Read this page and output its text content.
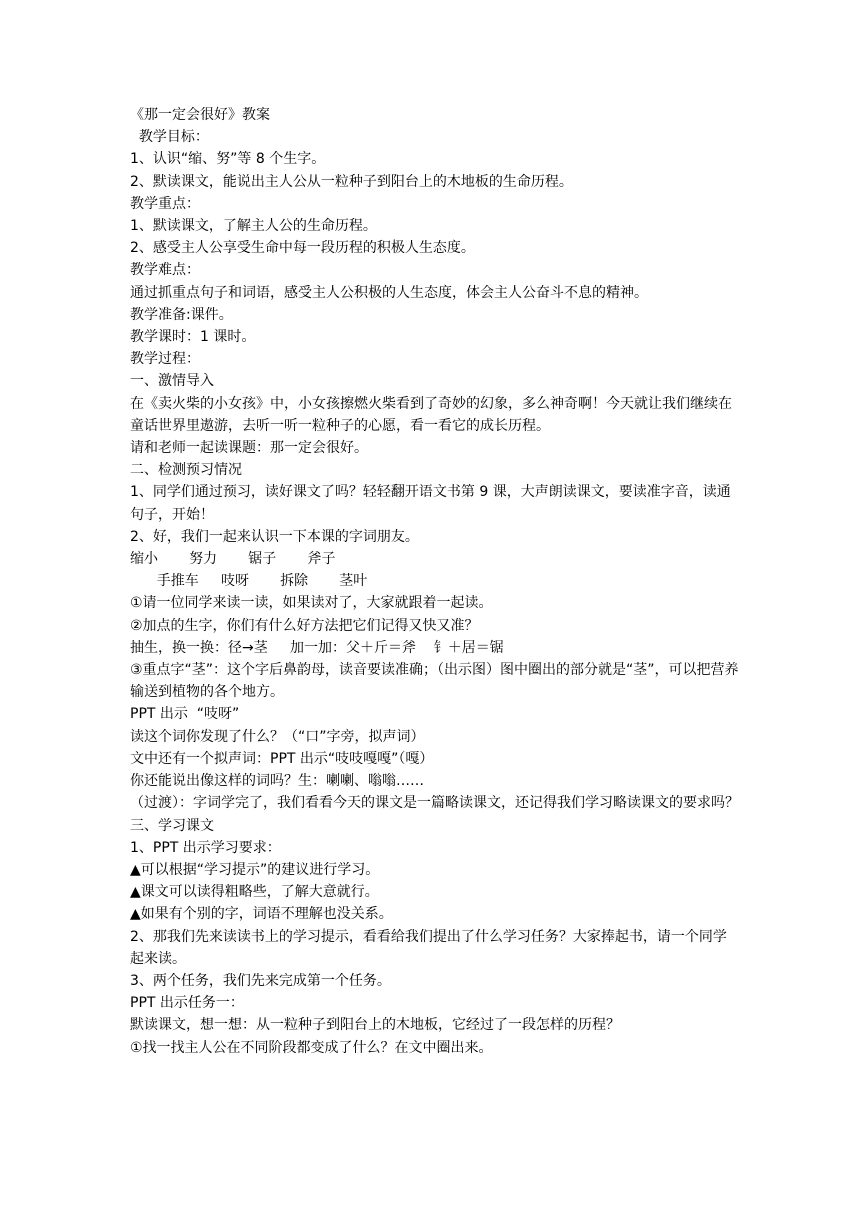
《那一定会很好》教案

教学目标：

1、认识“缩、努”等 8 个生字。

2、默读课文，能说出主人公从一粒种子到阳台上的木地板的生命历程。

教学重点：

1、默读课文，了解主人公的生命历程。

2、感受主人公享受生命中每一段历程的积极人生态度。

教学难点：

通过抓重点句子和词语，感受主人公积极的人生态度，体会主人公奋斗不息的精神。

教学准备:课件。

教学课时：1 课时。

教学过程：

一、激情导入

在《卖火柴的小女孩》中，小女孩擦燃火柴看到了奇妙的幻象，多么神奇啊！今天就让我们继续在童话世界里遨游，去听一听一粒种子的心愿，看一看它的成长历程。

请和老师一起读课题：那一定会很好。

二、检测预习情况

1、同学们通过预习，读好课文了吗？轻轻翻开语文书第 9 课，大声朗读课文，要读准字音，读通句子，开始！

2、好，我们一起来认识一下本课的字词朋友。

缩小       努力       锯子       斧子

手推车     吱呀       拆除       茎叶

①请一位同学来读一读，如果读对了，大家就跟着一起读。

②加点的生字，你们有什么好方法把它们记得又快又准？

抽生，换一换：径→茎     加一加：父＋斤＝斧    钅＋居＝锯

③重点字“茎”：这个字后鼻韵母，读音要读准确；（出示图）图中圈出的部分就是“茎”，可以把营养输送到植物的各个地方。

PPT 出示  “吱呀”

读这个词你发现了什么？（“口”字旁，拟声词）

文中还有一个拟声词：PPT 出示“吱吱嘎嘎”（嘎）

你还能说出像这样的词吗？生：喇喇、嗡嗡……

（过渡）：字词学完了，我们看看今天的课文是一篇略读课文，还记得我们学习略读课文的要求吗？

三、学习课文

1、PPT 出示学习要求：

▲可以根据“学习提示”的建议进行学习。

▲课文可以读得粗略些，了解大意就行。

▲如果有个别的字，词语不理解也没关系。

2、那我们先来读读书上的学习提示，看看给我们提出了什么学习任务？大家捧起书，请一个同学起来读。

3、两个任务，我们先来完成第一个任务。

PPT 出示任务一：

默读课文，想一想：从一粒种子到阳台上的木地板，它经过了一段怎样的历程？

①找一找主人公在不同阶段都变成了什么？在文中圈出来。
